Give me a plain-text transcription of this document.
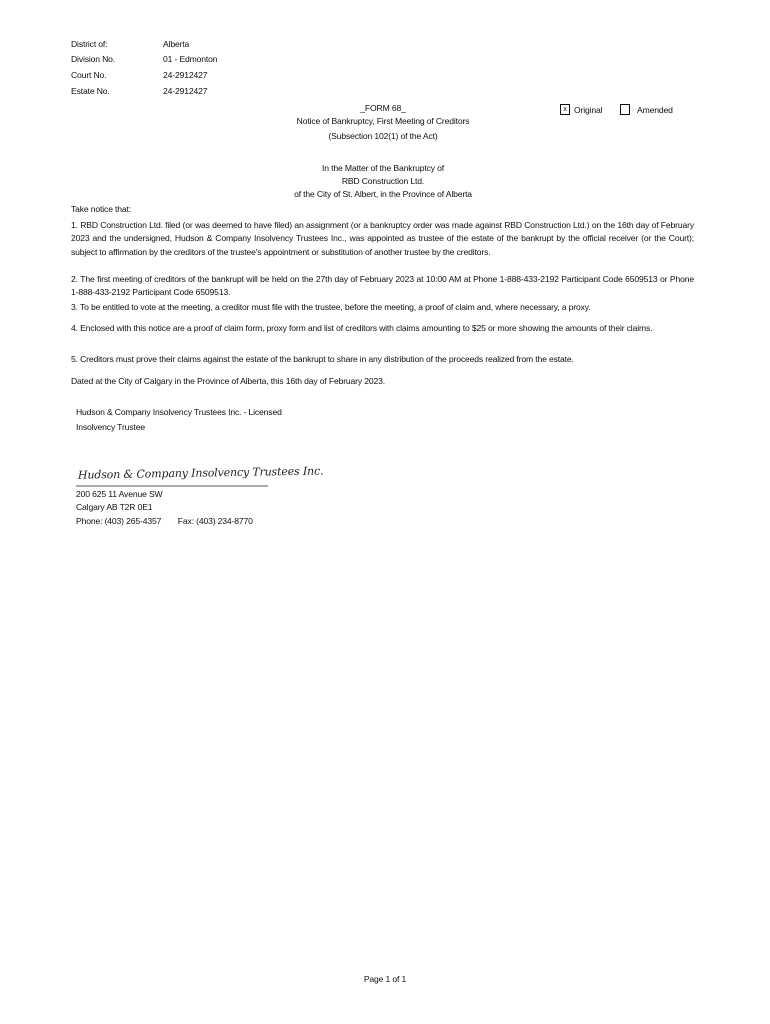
District of:	Alberta
Division No.	01 - Edmonton
Court No.	24-2912427
Estate No.	24-2912427
_FORM 68_
Notice of Bankruptcy, First Meeting of Creditors
(Subsection 102(1) of the Act)
x Original	Amended
In the Matter of the Bankruptcy of
RBD Construction Ltd.
of the City of St. Albert, in the Province of Alberta
Take notice that:
1. RBD Construction Ltd. filed (or was deemed to have filed) an assignment (or a bankruptcy order was made against RBD Construction Ltd.) on the 16th day of February 2023 and the undersigned, Hudson & Company Insolvency Trustees Inc., was appointed as trustee of the estate of the bankrupt by the official receiver (or the Court); subject to affirmation by the creditors of the trustee's appointment or substitution of another trustee by the creditors.
2. The first meeting of creditors of the bankrupt will be held on the 27th day of February 2023 at 10:00 AM at Phone 1-888-433-2192 Participant Code 6509513 or Phone 1-888-433-2192 Participant Code 6509513.
3. To be entitled to vote at the meeting, a creditor must file with the trustee, before the meeting, a proof of claim and, where necessary, a proxy.
4. Enclosed with this notice are a proof of claim form, proxy form and list of creditors with claims amounting to $25 or more showing the amounts of their claims.
5. Creditors must prove their claims against the estate of the bankrupt to share in any distribution of the proceeds realized from the estate.
Dated at the City of Calgary in the Province of Alberta, this 16th day of February 2023.
Hudson & Company Insolvency Trustees Inc. - Licensed
Insolvency Trustee
Hudson & Company Insolvency Trustees Inc.
200 625 11 Avenue SW
Calgary AB T2R 0E1
Phone: (403) 265-4357 Fax: (403) 234-8770
Page 1 of 1
